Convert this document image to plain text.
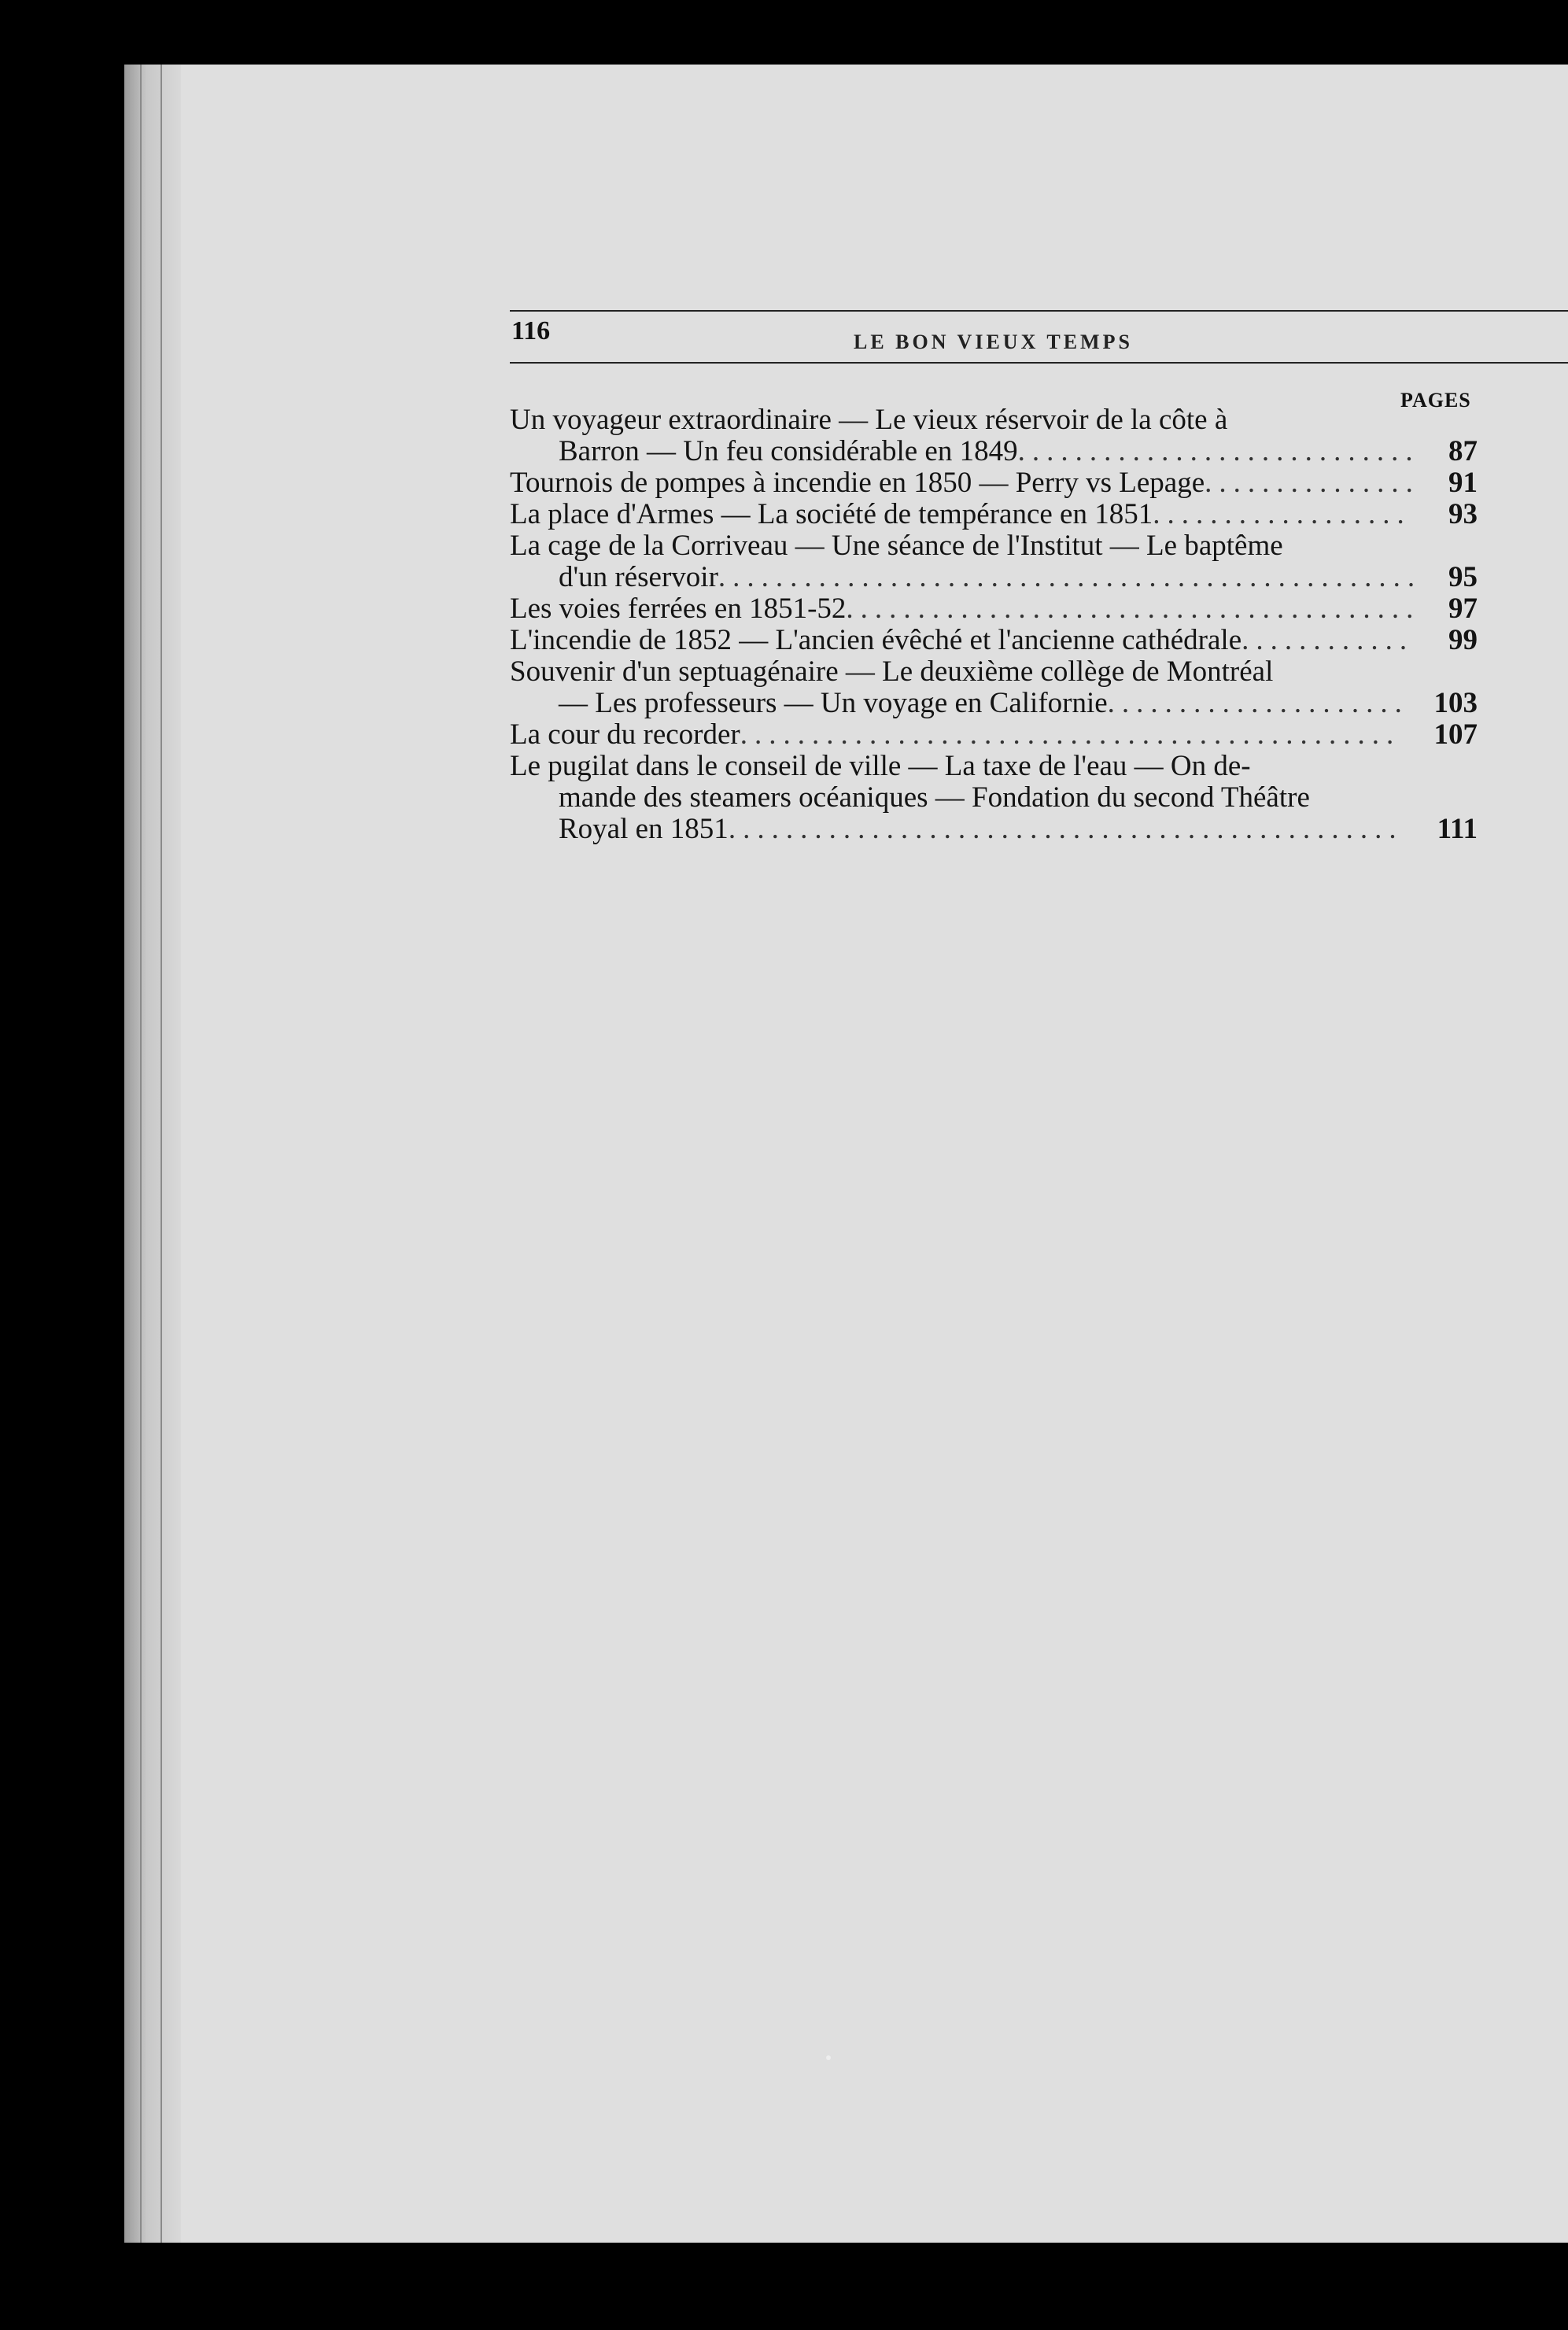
116	LE BON VIEUX TEMPS
PAGES
Un voyageur extraordinaire — Le vieux réservoir de la côte à
Barron — Un feu considérable en 1849............................ 87
Tournois de pompes à incendie en 1850 — Perry vs Lepage............... 91
La place d'Armes — La société de tempérance en 1851.................. 93
La cage de la Corriveau — Une séance de l'Institut — Le baptême
d'un réservoir................................................. 95
Les voies ferrées en 1851-52........................................ 97
L'incendie de 1852 — L'ancien évêché et l'ancienne cathédrale............ 99
Souvenir d'un septuagénaire — Le deuxième collège de Montréal
— Les professeurs — Un voyage en Californie..................... 103
La cour du recorder.............................................. 107
Le pugilat dans le conseil de ville — La taxe de l'eau — On de-
mande des steamers océaniques — Fondation du second Théâtre
Royal en 1851............................................... 111
